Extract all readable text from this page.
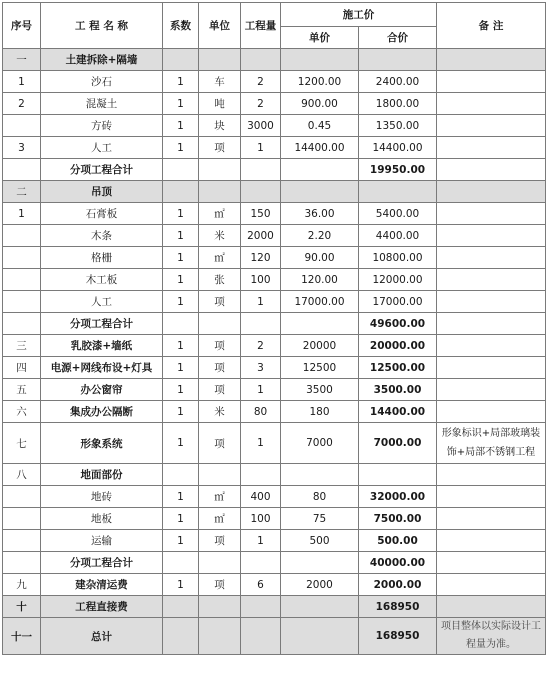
序号	工 程 名 称	系数	单位	工程量	施工价		备 注
					单价	合价	
一	土建拆除+隔墙						
1	沙石	1	车	2	1200.00	2400.00	
2	混凝土	1	吨	2	900.00	1800.00	
	方砖	1	块	3000	0.45	1350.00	
3	人工	1	项	1	14400.00	14400.00	
	分项工程合计					19950.00	
二	吊顶						
1	石膏板	1	㎡	150	36.00	5400.00	
	木条	1	米	2000	2.20	4400.00	
	格栅	1	㎡	120	90.00	10800.00	
	木工板	1	张	100	120.00	12000.00	
	人工	1	项	1	17000.00	17000.00	
	分项工程合计					49600.00	
三	乳胶漆+墙纸	1	项	2	20000	20000.00	
四	电源+网线布设+灯具	1	项	3	12500	12500.00	
五	办公窗帘	1	项	1	3500	3500.00	
六	集成办公隔断	1	米	80	180	14400.00	
七	形象系统	1	项	1	7000	7000.00	形象标识+局部玻璃装饰+局部不锈钢工程
八	地面部份						
	地砖	1	㎡	400	80	32000.00	
	地板	1	㎡	100	75	7500.00	
	运输	1	项	1	500	500.00	
	分项工程合计					40000.00	
九	建杂清运费	1	项	6	2000	2000.00	
十	工程直接费					168950	
十一	总计					168950	项目整体以实际设计工程量为准。
